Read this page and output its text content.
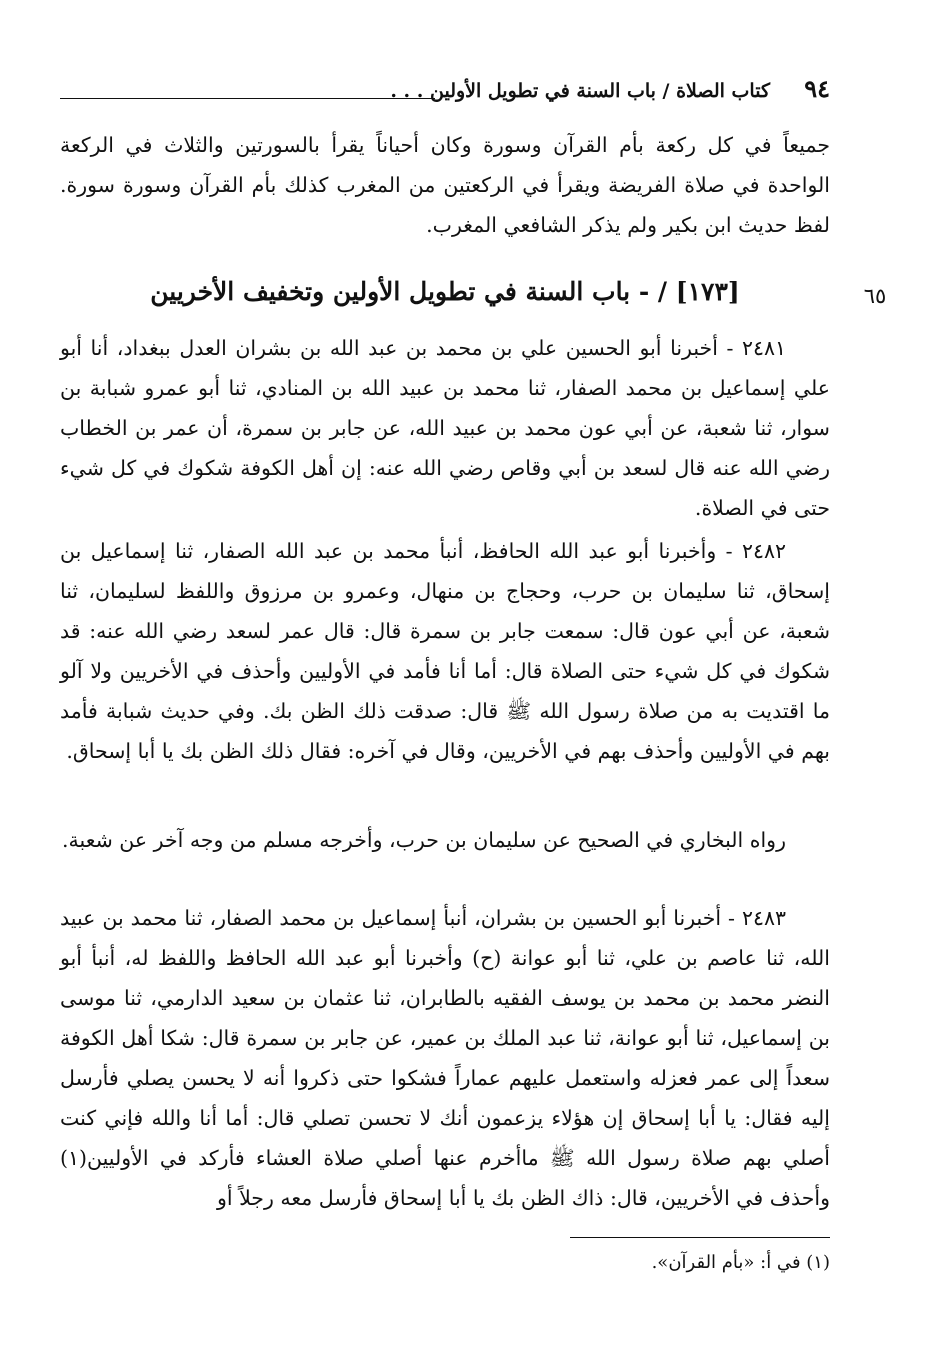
٩٤
كتاب الصلاة / باب السنة في تطويل الأولين . . .

جميعاً في كل ركعة بأم القرآن وسورة وكان أحياناً يقرأ بالسورتين والثلاث في الركعة الواحدة في صلاة الفريضة ويقرأ في الركعتين من المغرب كذلك بأم القرآن وسورة سورة. لفظ حديث ابن بكير ولم يذكر الشافعي المغرب.

٦٥
[١٧٣] / - باب السنة في تطويل الأولين وتخفيف الأخريين

٢٤٨١ - أخبرنا أبو الحسين علي بن محمد بن عبد الله بن بشران العدل ببغداد، أنا أبو علي إسماعيل بن محمد الصفار، ثنا محمد بن عبيد الله بن المنادي، ثنا أبو عمرو شبابة بن سوار، ثنا شعبة، عن أبي عون محمد بن عبيد الله، عن جابر بن سمرة، أن عمر بن الخطاب رضي الله عنه قال لسعد بن أبي وقاص رضي الله عنه: إن أهل الكوفة شكوك في كل شيء حتى في الصلاة.

٢٤٨٢ - وأخبرنا أبو عبد الله الحافظ، أنبأ محمد بن عبد الله الصفار، ثنا إسماعيل بن إسحاق، ثنا سليمان بن حرب، وحجاج بن منهال، وعمرو بن مرزوق واللفظ لسليمان، ثنا شعبة، عن أبي عون قال: سمعت جابر بن سمرة قال: قال عمر لسعد رضي الله عنه: قد شكوك في كل شيء حتى الصلاة قال: أما أنا فأمد في الأوليين وأحذف في الأخريين ولا آلو ما اقتديت به من صلاة رسول الله ﷺ قال: صدقت ذلك الظن بك. وفي حديث شبابة فأمد بهم في الأوليين وأحذف بهم في الأخريين، وقال في آخره: فقال ذلك الظن بك يا أبا إسحاق.

رواه البخاري في الصحيح عن سليمان بن حرب، وأخرجه مسلم من وجه آخر عن شعبة.

٢٤٨٣ - أخبرنا أبو الحسين بن بشران، أنبأ إسماعيل بن محمد الصفار، ثنا محمد بن عبيد الله، ثنا عاصم بن علي، ثنا أبو عوانة (ح) وأخبرنا أبو عبد الله الحافظ واللفظ له، أنبأ أبو النضر محمد بن محمد بن يوسف الفقيه بالطابران، ثنا عثمان بن سعيد الدارمي، ثنا موسى بن إسماعيل، ثنا أبو عوانة، ثنا عبد الملك بن عمير، عن جابر بن سمرة قال: شكا أهل الكوفة سعداً إلى عمر فعزله واستعمل عليهم عماراً فشكوا حتى ذكروا أنه لا يحسن يصلي فأرسل إليه فقال: يا أبا إسحاق إن هؤلاء يزعمون أنك لا تحسن تصلي قال: أما أنا والله فإني كنت أصلي بهم صلاة رسول الله ﷺ ماأخرم عنها أصلي صلاة العشاء فأركد في الأوليين(١) وأحذف في الأخريين، قال: ذاك الظن بك يا أبا إسحاق فأرسل معه رجلاً أو

(١) في أ: «بأم القرآن».
